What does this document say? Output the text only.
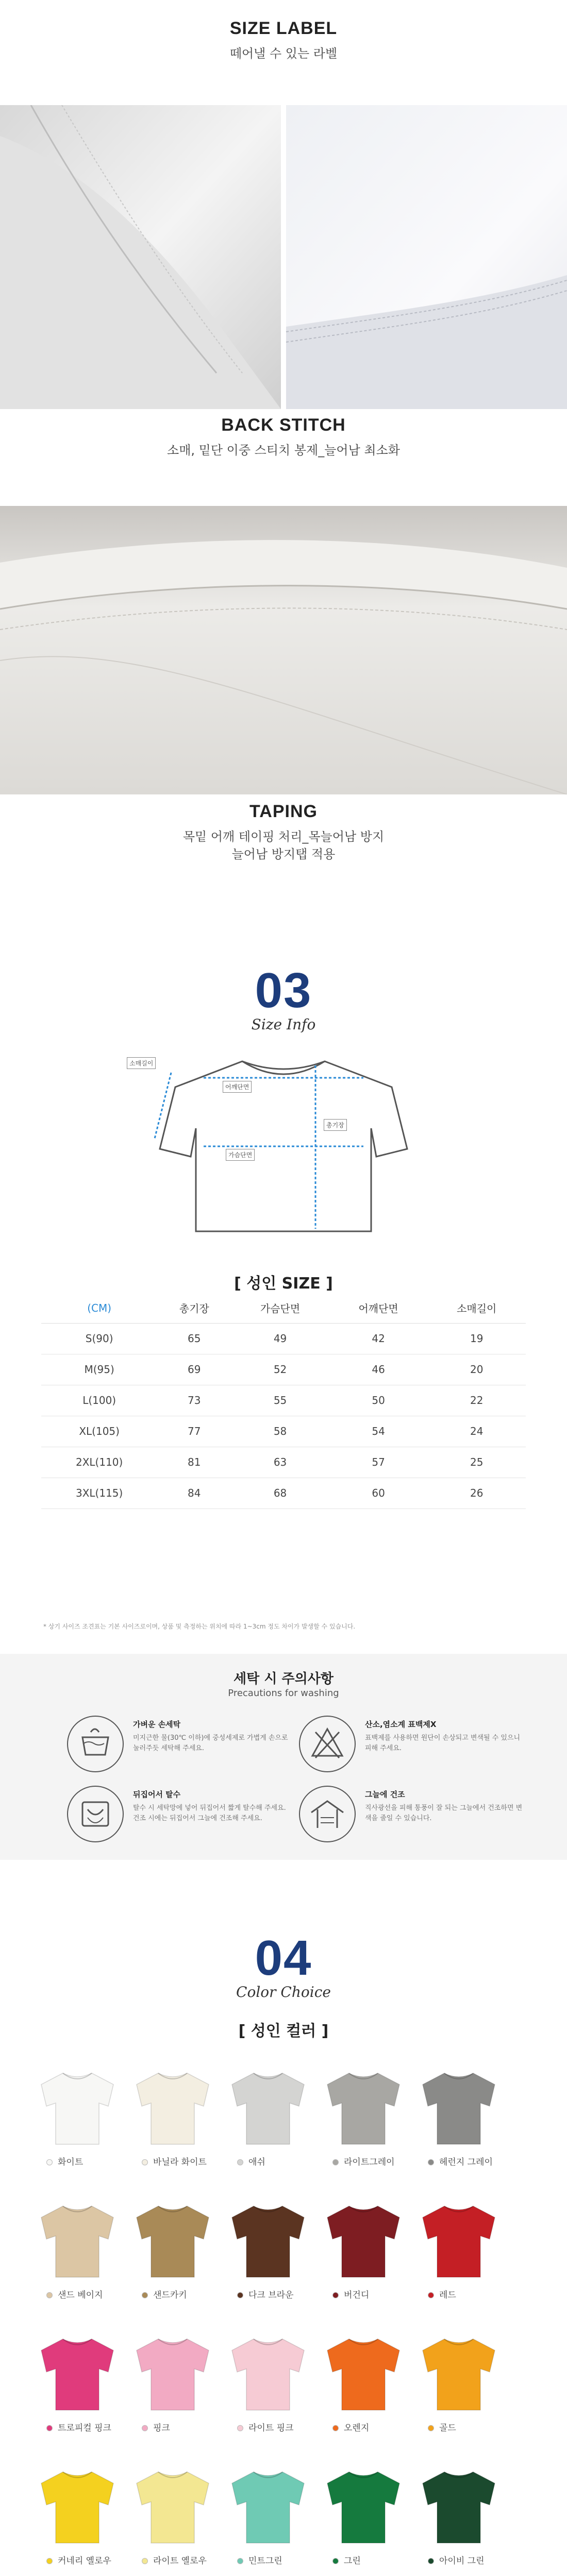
SIZE LABEL

떼어낼 수 있는 라벨

BACK STITCH

소매, 밑단 이중 스티치 봉제_늘어남 최소화

TAPING

목밑 어깨 테이핑 처리_목늘어남 방지

늘어남 방지탭 적용

03
Size Info
소매길이
어깨단면
가슴단면
총기장
[ 성인 SIZE ]
(CM)	총기장	가슴단면	어깨단면	소매길이
S(90)	65	49	42	19
M(95)	69	52	46	20
L(100)	73	55	50	22
XL(105)	77	58	54	24
2XL(110)	81	63	57	25
3XL(115)	84	68	60	26
* 상기 사이즈 조견표는 기본 사이즈로이며, 상품 및 측정하는 위치에 따라 1~3cm 정도 차이가 발생할 수 있습니다.
세탁 시 주의사항
Precautions for washing
가벼운 손세탁
미지근한 물(30℃ 이하)에 중성세제로 가볍게 손으로 눌러주듯 세탁해 주세요.
산소,염소계 표백제X
표백제를 사용하면 원단이 손상되고 변색될 수 있으니 피해 주세요.
뒤집어서 탈수
탈수 시 세탁망에 넣어 뒤집어서 짧게 탈수해 주세요. 건조 시에는 뒤집어서 그늘에 건조해 주세요.
그늘에 건조
직사광선을 피해 통풍이 잘 되는 그늘에서 건조하면 변색을 줄일 수 있습니다.
04
Color Choice
[ 성인 컬러 ]
화이트	바닐라 화이트	애쉬	라이트그레이	헤런지 그레이
샌드 베이지	샌드카키	다크 브라운	버건디	레드
트로피컬 핑크	핑크	라이트 핑크	오렌지	골드
커네리 옐로우	라이트 옐로우	민트그린	그린	아이비 그린
